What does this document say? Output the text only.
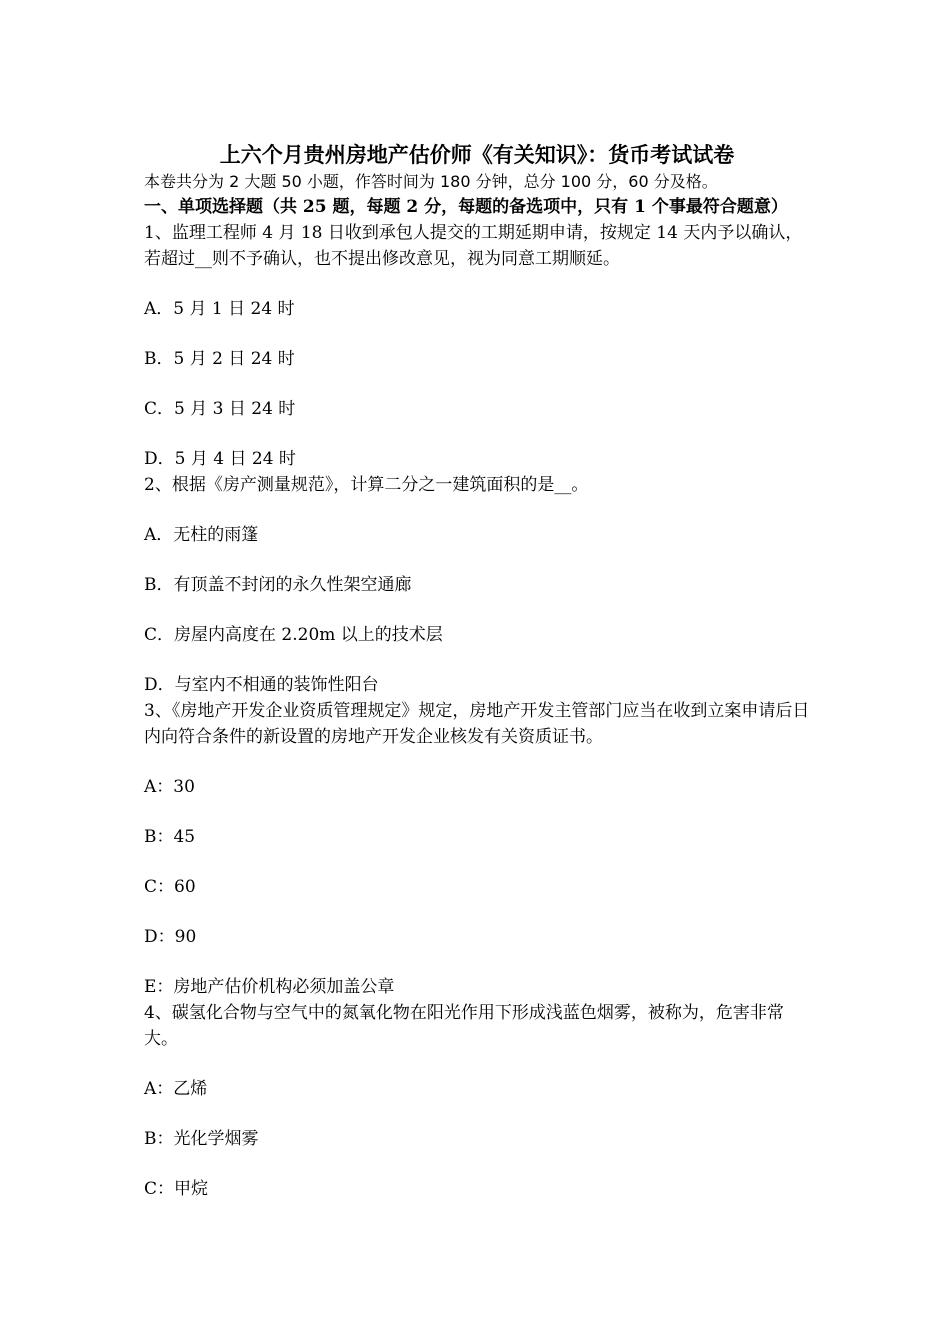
上六个月贵州房地产估价师《有关知识》：货币考试试卷

本卷共分为 2 大题 50 小题，作答时间为 180 分钟，总分 100 分，60 分及格。

一、单项选择题（共 25 题，每题 2 分，每题的备选项中，只有 1 个事最符合题意）

1、监理工程师 4 月 18 日收到承包人提交的工期延期申请，按规定 14 天内予以确认，若超过__则不予确认，也不提出修改意见，视为同意工期顺延。

A．5 月 1 日 24 时

B．5 月 2 日 24 时

C．5 月 3 日 24 时

D．5 月 4 日 24 时

2、根据《房产测量规范》，计算二分之一建筑面积的是__。

A．无柱的雨篷

B．有顶盖不封闭的永久性架空通廊

C．房屋内高度在 2.20m 以上的技术层

D．与室内不相通的装饰性阳台

3、《房地产开发企业资质管理规定》规定，房地产开发主管部门应当在收到立案申请后日内向符合条件的新设置的房地产开发企业核发有关资质证书。

A：30

B：45

C：60

D：90

E：房地产估价机构必须加盖公章

4、碳氢化合物与空气中的氮氧化物在阳光作用下形成浅蓝色烟雾，被称为，危害非常大。

A：乙烯

B：光化学烟雾

C：甲烷
